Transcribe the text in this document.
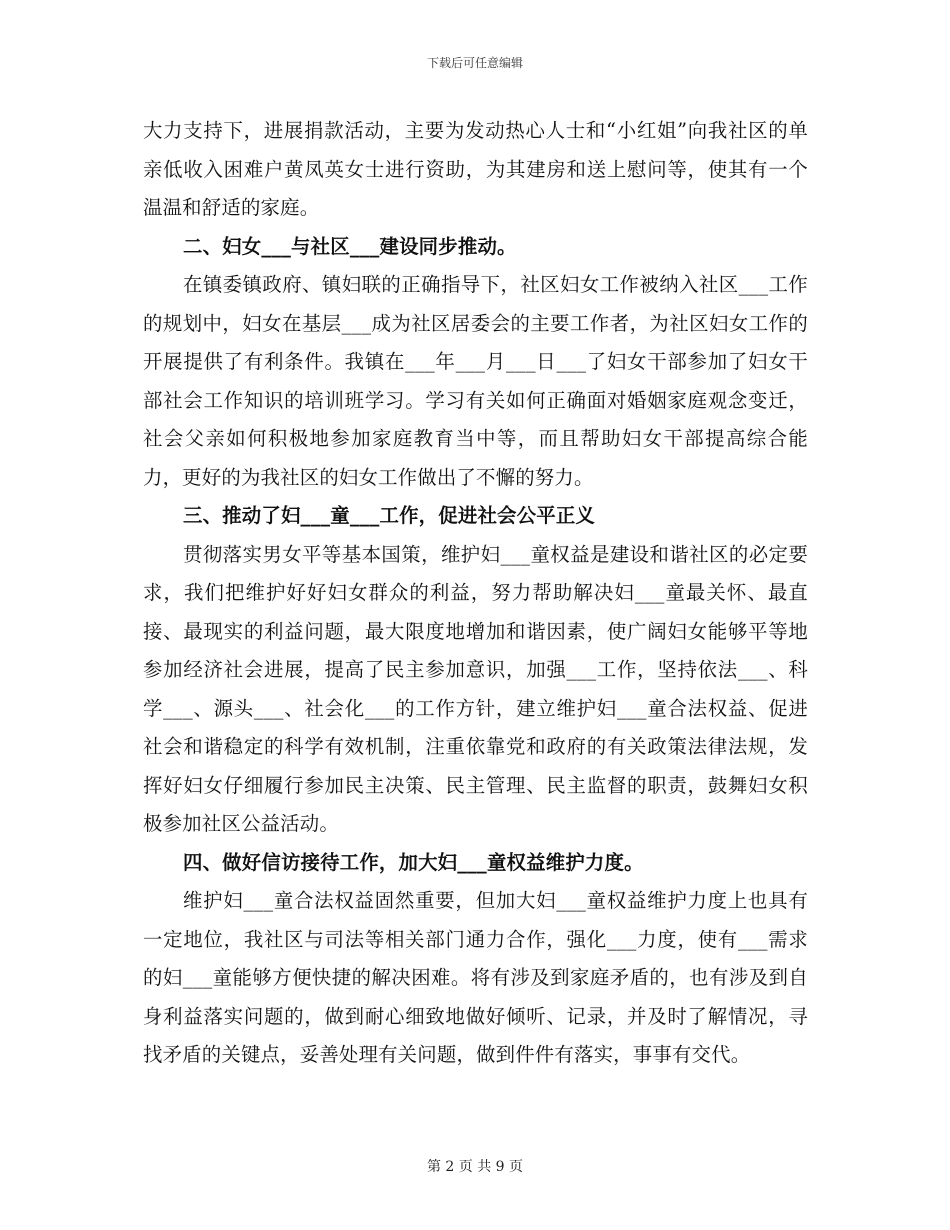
下载后可任意编辑

大力支持下，进展捐款活动，主要为发动热心人士和“小红姐”向我社区的单亲低收入困难户黄凤英女士进行资助，为其建房和送上慰问等，使其有一个温温和舒适的家庭。

二、妇女___与社区___建设同步推动。

在镇委镇政府、镇妇联的正确指导下，社区妇女工作被纳入社区___工作的规划中，妇女在基层___成为社区居委会的主要工作者，为社区妇女工作的开展提供了有利条件。我镇在___年___月___日___了妇女干部参加了妇女干部社会工作知识的培训班学习。学习有关如何正确面对婚姻家庭观念变迁，社会父亲如何积极地参加家庭教育当中等，而且帮助妇女干部提高综合能力，更好的为我社区的妇女工作做出了不懈的努力。

三、推动了妇___童___工作，促进社会公平正义

贯彻落实男女平等基本国策，维护妇___童权益是建设和谐社区的必定要求，我们把维护好好妇女群众的利益，努力帮助解决妇___童最关怀、最直接、最现实的利益问题，最大限度地增加和谐因素，使广阔妇女能够平等地参加经济社会进展，提高了民主参加意识，加强___工作，坚持依法___、科学___、源头___、社会化___的工作方针，建立维护妇___童合法权益、促进社会和谐稳定的科学有效机制，注重依靠党和政府的有关政策法律法规，发挥好妇女仔细履行参加民主决策、民主管理、民主监督的职责，鼓舞妇女积极参加社区公益活动。

四、做好信访接待工作，加大妇___童权益维护力度。

维护妇___童合法权益固然重要，但加大妇___童权益维护力度上也具有一定地位，我社区与司法等相关部门通力合作，强化___力度，使有___需求的妇___童能够方便快捷的解决困难。将有涉及到家庭矛盾的，也有涉及到自身利益落实问题的，做到耐心细致地做好倾听、记录，并及时了解情况，寻找矛盾的关键点，妥善处理有关问题，做到件件有落实，事事有交代。

第 2 页 共 9 页
